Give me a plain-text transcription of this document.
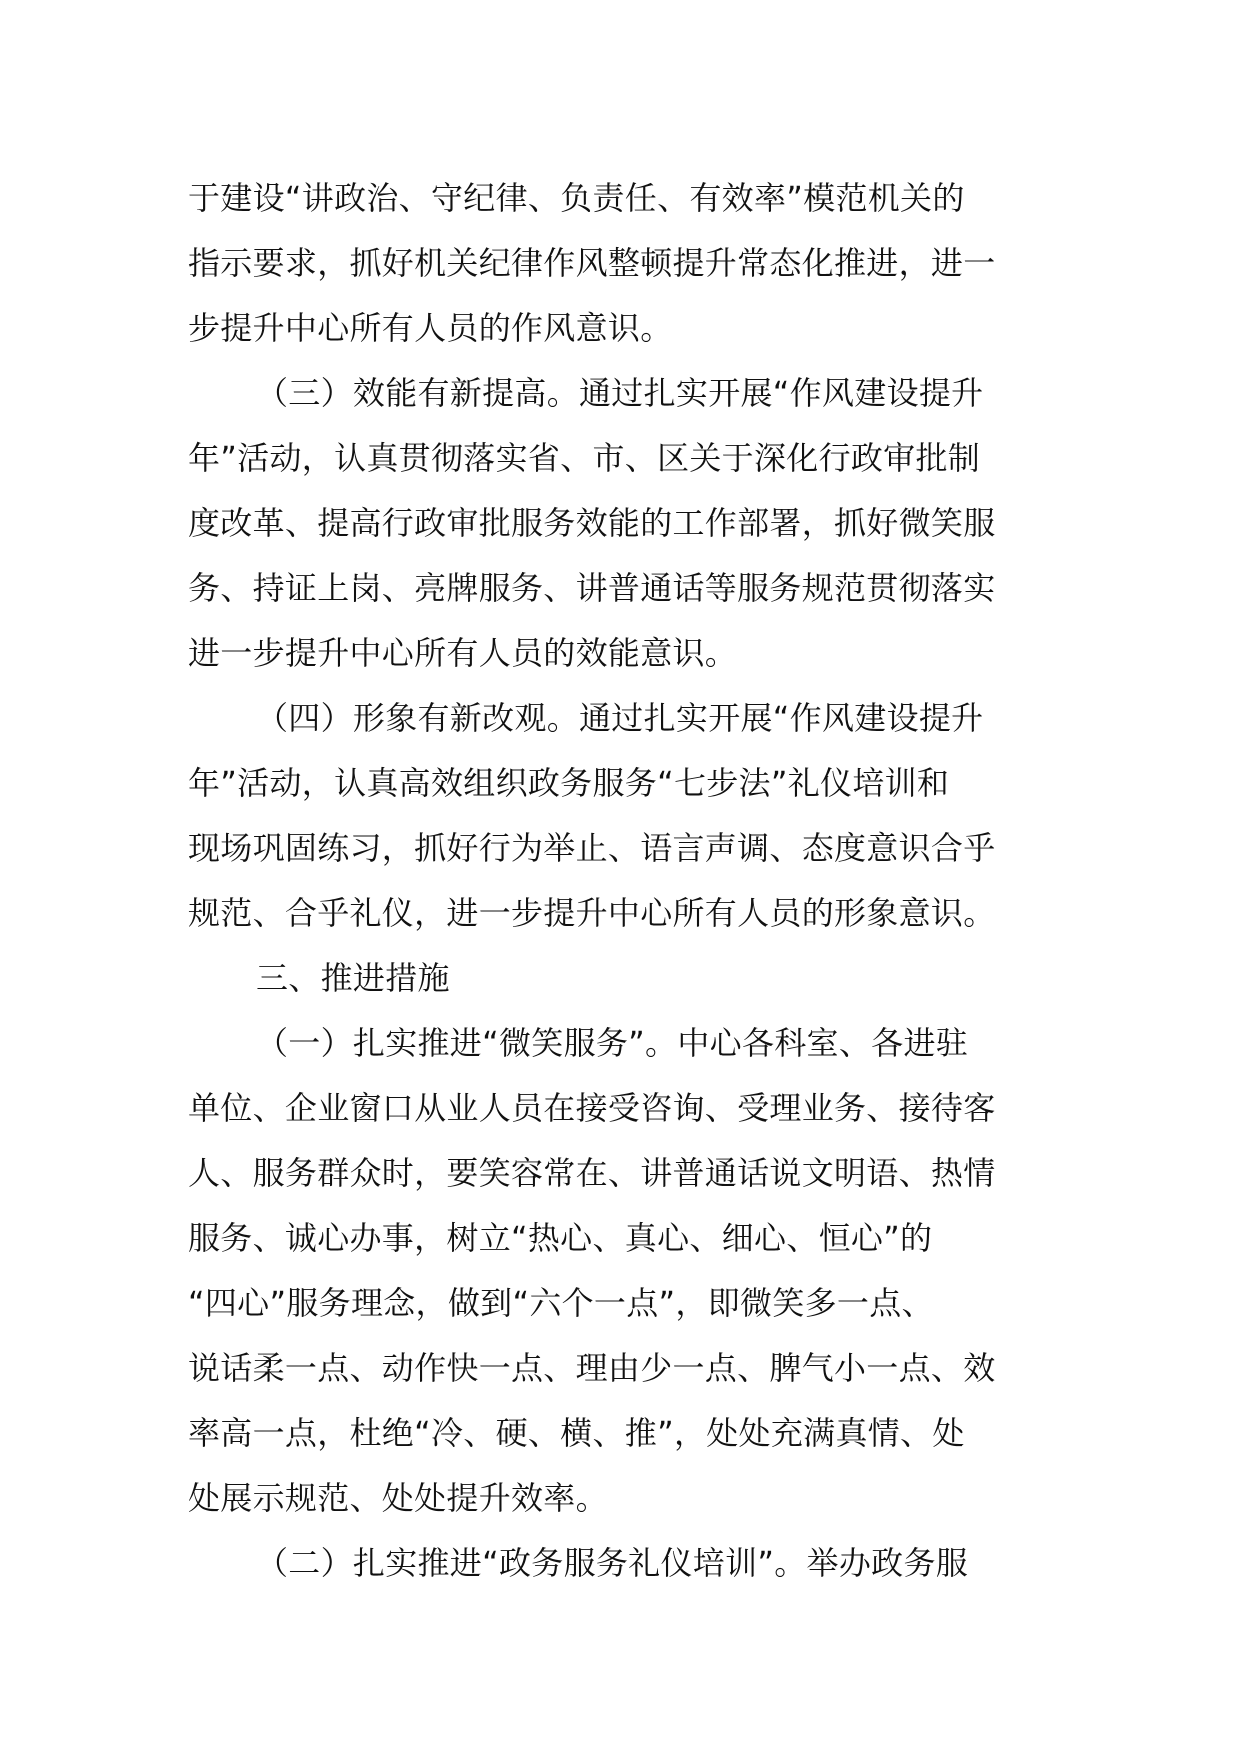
于建设“讲政治、守纪律、负责任、有效率”模范机关的
指示要求，抓好机关纪律作风整顿提升常态化推进，进一
步提升中心所有人员的作风意识。
（三）效能有新提高。通过扎实开展“作风建设提升
年”活动，认真贯彻落实省、市、区关于深化行政审批制
度改革、提高行政审批服务效能的工作部署，抓好微笑服
务、持证上岗、亮牌服务、讲普通话等服务规范贯彻落实
进一步提升中心所有人员的效能意识。
（四）形象有新改观。通过扎实开展“作风建设提升
年”活动，认真高效组织政务服务“七步法”礼仪培训和
现场巩固练习，抓好行为举止、语言声调、态度意识合乎
规范、合乎礼仪，进一步提升中心所有人员的形象意识。
三、推进措施
（一）扎实推进“微笑服务”。中心各科室、各进驻
单位、企业窗口从业人员在接受咨询、受理业务、接待客
人、服务群众时，要笑容常在、讲普通话说文明语、热情
服务、诚心办事，树立“热心、真心、细心、恒心”的
“四心”服务理念，做到“六个一点”，即微笑多一点、
说话柔一点、动作快一点、理由少一点、脾气小一点、效
率高一点，杜绝“冷、硬、横、推”，处处充满真情、处
处展示规范、处处提升效率。
（二）扎实推进“政务服务礼仪培训”。举办政务服
